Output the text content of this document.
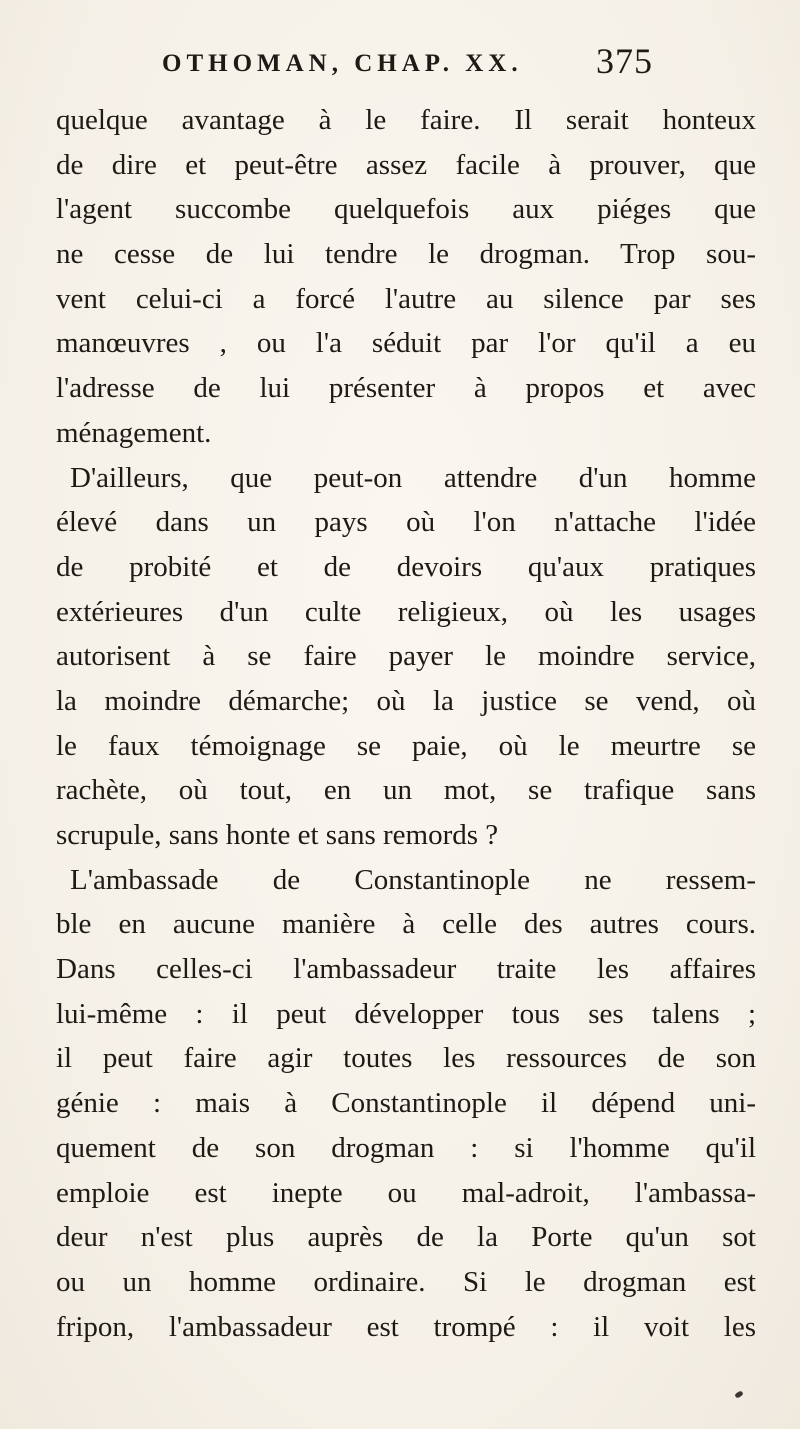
OTHOMAN, CHAP. XX. 375
quelque avantage à le faire. Il serait honteux
de dire et peut-être assez facile à prouver, que
l'agent succombe quelquefois aux piéges que
ne cesse de lui tendre le drogman. Trop sou-
vent celui-ci a forcé l'autre au silence par ses
manœuvres , ou l'a séduit par l'or qu'il a eu
l'adresse de lui présenter à propos et avec
ménagement.
D'ailleurs, que peut-on attendre d'un homme
élevé dans un pays où l'on n'attache l'idée
de probité et de devoirs qu'aux pratiques
extérieures d'un culte religieux, où les usages
autorisent à se faire payer le moindre service,
la moindre démarche; où la justice se vend, où
le faux témoignage se paie, où le meurtre se
rachète, où tout, en un mot, se trafique sans
scrupule, sans honte et sans remords ?
L'ambassade de Constantinople ne ressem-
ble en aucune manière à celle des autres cours.
Dans celles-ci l'ambassadeur traite les affaires
lui-même : il peut développer tous ses talens ;
il peut faire agir toutes les ressources de son
génie : mais à Constantinople il dépend uni-
quement de son drogman : si l'homme qu'il
emploie est inepte ou mal-adroit, l'ambassa-
deur n'est plus auprès de la Porte qu'un sot
ou un homme ordinaire. Si le drogman est
fripon, l'ambassadeur est trompé : il voit les
